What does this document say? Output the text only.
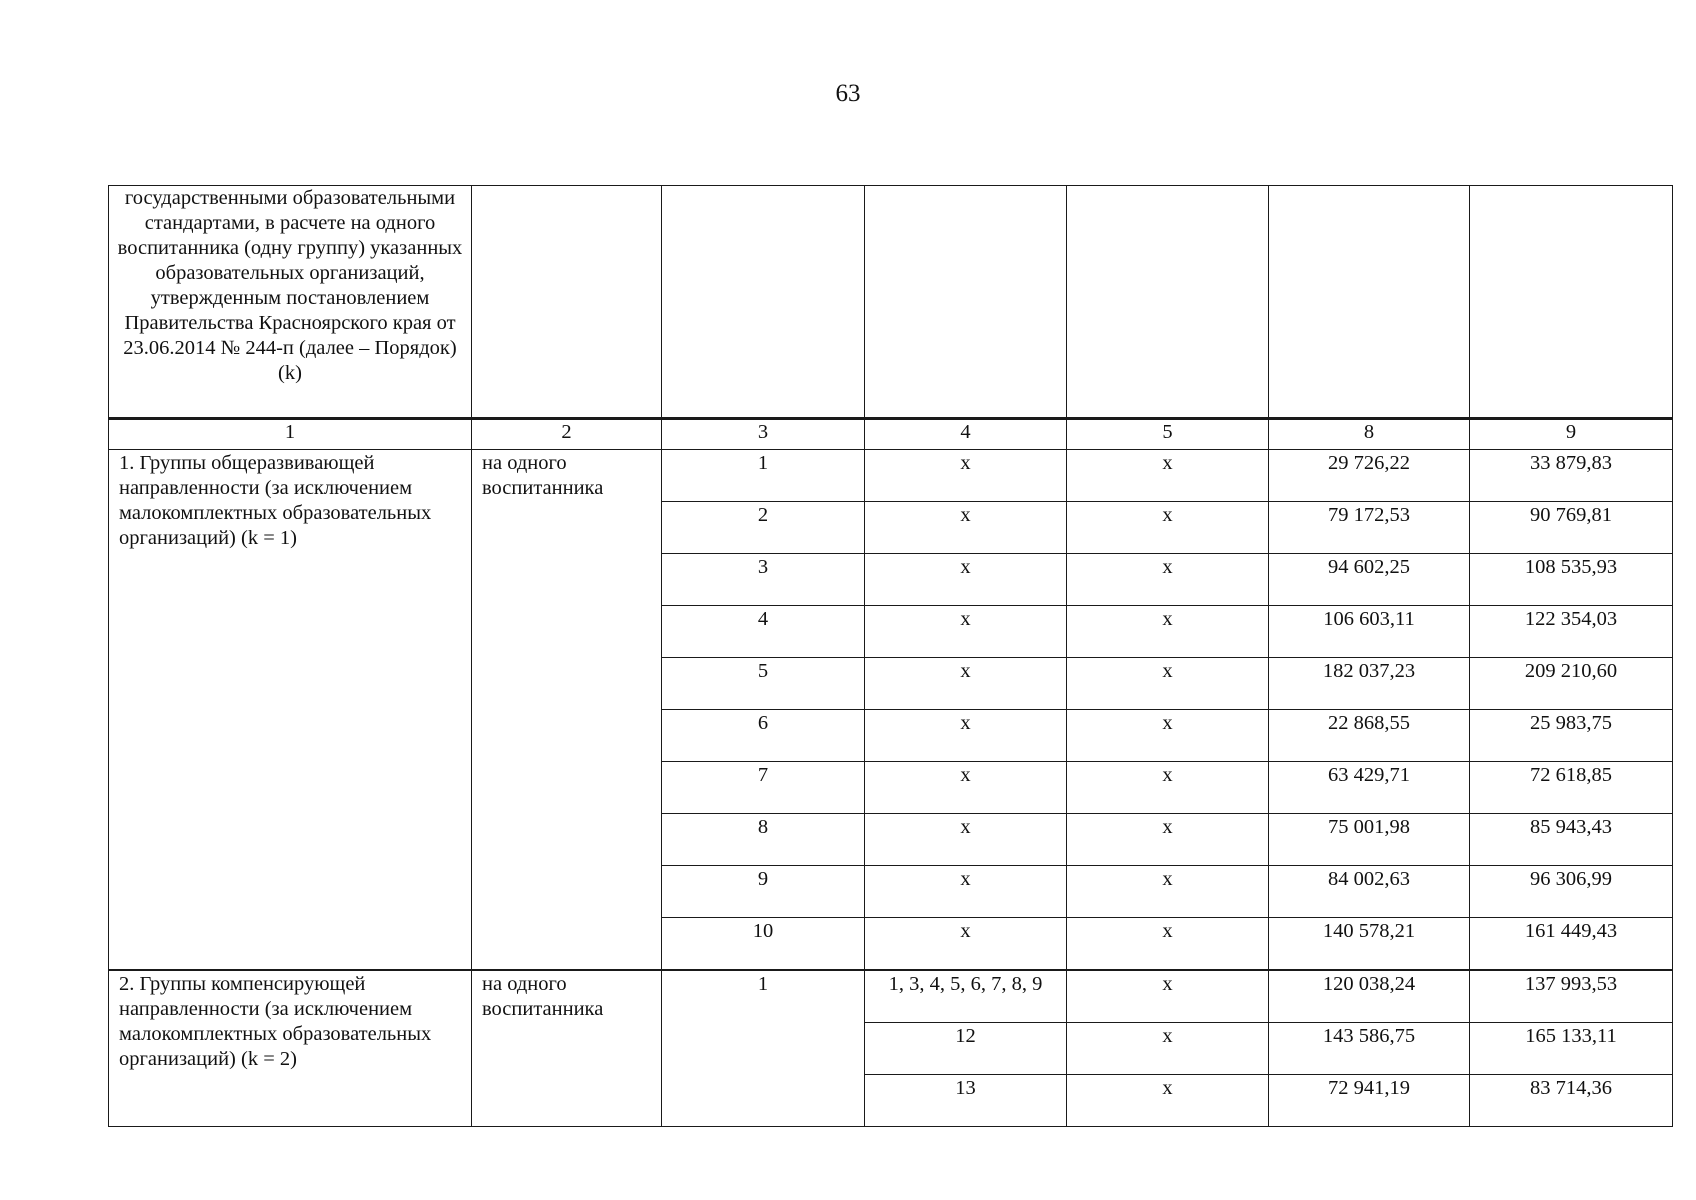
63
государственными образовательными стандартами, в расчете на одного воспитанника (одну группу) указанных образовательных организаций, утвержденным постановлением Правительства Красноярского края от 23.06.2014 № 244-п (далее – Порядок) (k)						
1	2	3	4	5	8	9
1. Группы общеразвивающей направленности (за исключением малокомплектных образовательных организаций) (k = 1)	на одного воспитанника	1	x	x	29 726,22	33 879,83
		2	x	x	79 172,53	90 769,81
		3	x	x	94 602,25	108 535,93
		4	x	x	106 603,11	122 354,03
		5	x	x	182 037,23	209 210,60
		6	x	x	22 868,55	25 983,75
		7	x	x	63 429,71	72 618,85
		8	x	x	75 001,98	85 943,43
		9	x	x	84 002,63	96 306,99
		10	x	x	140 578,21	161 449,43
2. Группы компенсирующей направленности (за исключением малокомплектных образовательных организаций) (k = 2)	на одного воспитанника	1	1, 3, 4, 5, 6, 7, 8, 9	x	120 038,24	137 993,53
			12	x	143 586,75	165 133,11
			13	x	72 941,19	83 714,36
